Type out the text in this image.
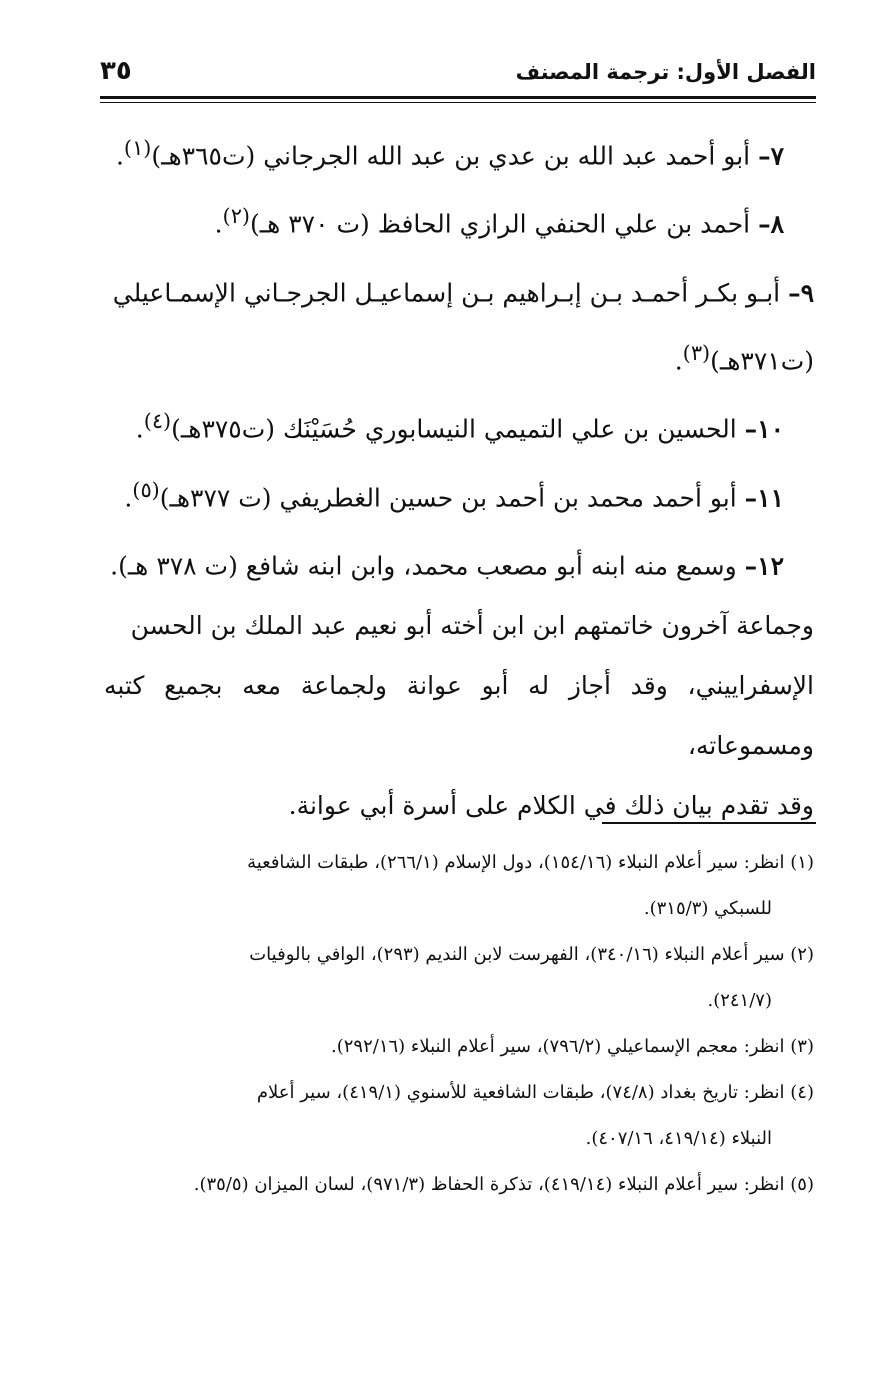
الفصل الأول: ترجمة المصنف
٣٥

٧– أبو أحمد عبد الله بن عدي بن عبد الله الجرجاني (ت٣٦٥هـ)$^{(١)}$.

٨– أحمد بن علي الحنفي الرازي الحافظ (ت ٣٧٠ هـ)$^{(٢)}$.

٩– أبـو بكـر أحمـد بـن إبـراهيم بـن إسماعيـل الجرجـاني الإسمـاعيلي

(ت٣٧١هـ)$^{(٣)}$.

١٠– الحسين بن علي التميمي النيسابوري حُسَيْنَك (ت٣٧٥هـ)$^{(٤)}$.

١١– أبو أحمد محمد بن أحمد بن حسين الغطريفي (ت ٣٧٧هـ)$^{(٥)}$.

١٢– وسمع منه ابنه أبو مصعب محمد، وابن ابنه شافع (ت ٣٧٨ هـ).

وجماعة آخرون خاتمتهم ابن ابن أخته أبو نعيم عبد الملك بن الحسن

الإسفراييني، وقد أجاز له أبو عوانة ولجماعة معه بجميع كتبه ومسموعاته،

وقد تقدم بيان ذلك في الكلام على أسرة أبي عوانة.

(١) انظر: سير أعلام النبلاء (١٥٤/١٦)، دول الإسلام (٢٦٦/١)، طبقات الشافعية

للسبكي (٣١٥/٣).

(٢) سير أعلام النبلاء (٣٤٠/١٦)، الفهرست لابن النديم (٢٩٣)، الوافي بالوفيات

(٢٤١/٧).

(٣) انظر: معجم الإسماعيلي (٧٩٦/٢)، سير أعلام النبلاء (٢٩٢/١٦).

(٤) انظر: تاريخ بغداد (٧٤/٨)، طبقات الشافعية للأسنوي (٤١٩/١)، سير أعلام

النبلاء (٤١٩/١٤، ٤٠٧/١٦).

(٥) انظر: سير أعلام النبلاء (٤١٩/١٤)، تذكرة الحفاظ (٩٧١/٣)، لسان الميزان (٣٥/٥).
